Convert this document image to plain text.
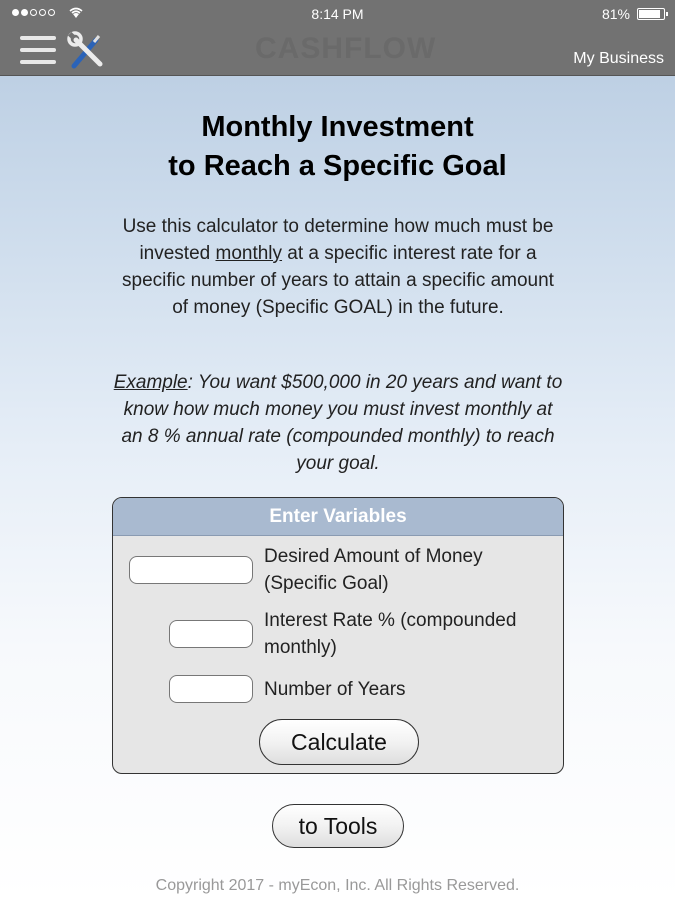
8:14 PM	81%
CASHFLOW	My Business
Monthly Investment
to Reach a Specific Goal
Use this calculator to determine how much must be invested monthly at a specific interest rate for a specific number of years to attain a specific amount of money (Specific GOAL) in the future.
Example: You want $500,000 in 20 years and want to know how much money you must invest monthly at an 8 % annual rate (compounded monthly) to reach your goal.
Enter Variables
Desired Amount of Money
(Specific Goal)
Interest Rate % (compounded
monthly)
Number of Years
Calculate
to Tools
Copyright 2017 - myEcon, Inc. All Rights Reserved.
